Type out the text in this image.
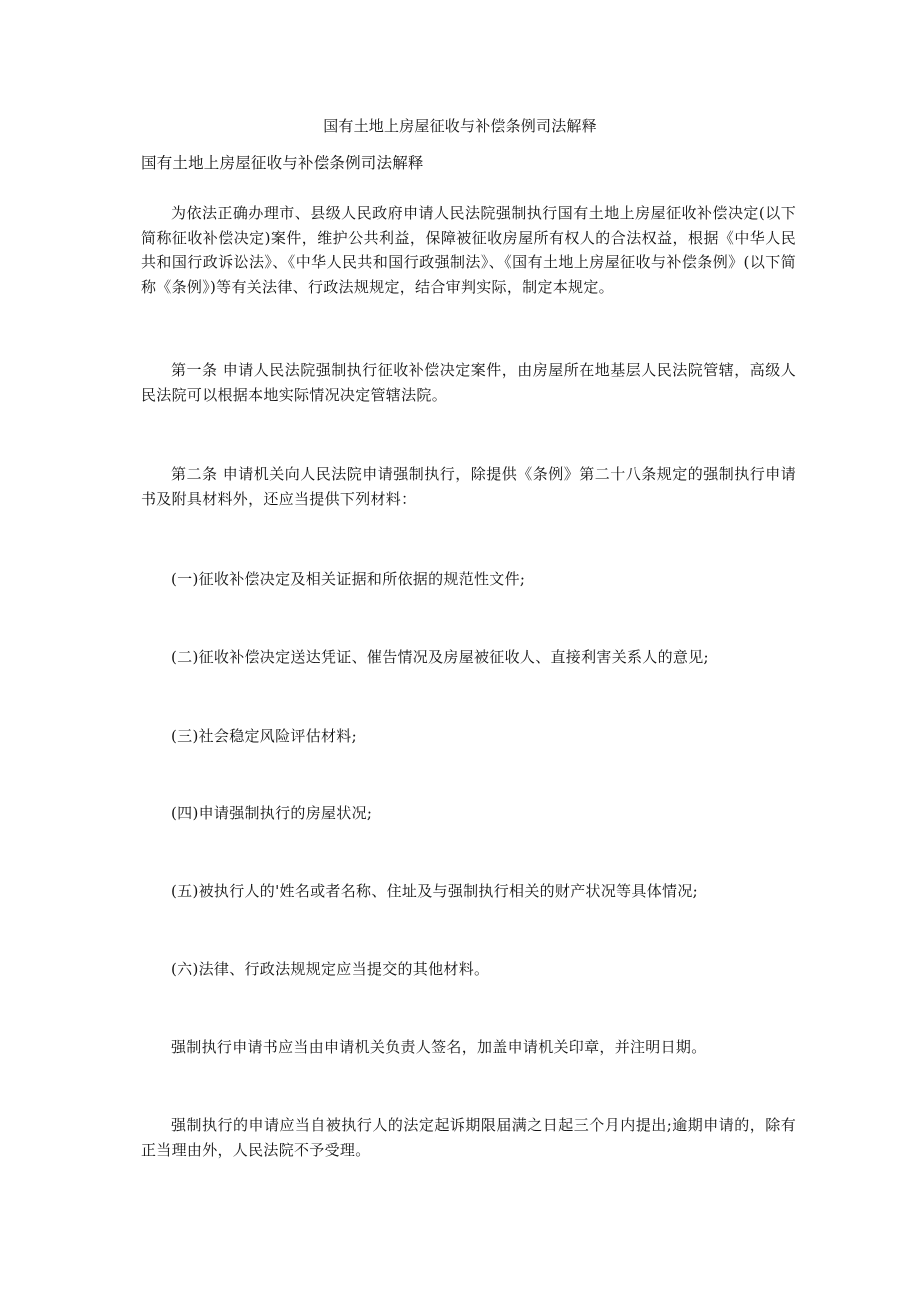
国有土地上房屋征收与补偿条例司法解释
国有土地上房屋征收与补偿条例司法解释

为依法正确办理市、县级人民政府申请人民法院强制执行国有土地上房屋征收补偿决定(以下简称征收补偿决定)案件，维护公共利益，保障被征收房屋所有权人的合法权益，根据《中华人民共和国行政诉讼法》、《中华人民共和国行政强制法》、《国有土地上房屋征收与补偿条例》(以下简称《条例》)等有关法律、行政法规规定，结合审判实际，制定本规定。

第一条 申请人民法院强制执行征收补偿决定案件，由房屋所在地基层人民法院管辖，高级人民法院可以根据本地实际情况决定管辖法院。

第二条 申请机关向人民法院申请强制执行，除提供《条例》第二十八条规定的强制执行申请书及附具材料外，还应当提供下列材料：

(一)征收补偿决定及相关证据和所依据的规范性文件;

(二)征收补偿决定送达凭证、催告情况及房屋被征收人、直接利害关系人的意见;

(三)社会稳定风险评估材料;

(四)申请强制执行的房屋状况;

(五)被执行人的'姓名或者名称、住址及与强制执行相关的财产状况等具体情况;

(六)法律、行政法规规定应当提交的其他材料。

强制执行申请书应当由申请机关负责人签名，加盖申请机关印章，并注明日期。

强制执行的申请应当自被执行人的法定起诉期限届满之日起三个月内提出;逾期申请的，除有正当理由外，人民法院不予受理。
